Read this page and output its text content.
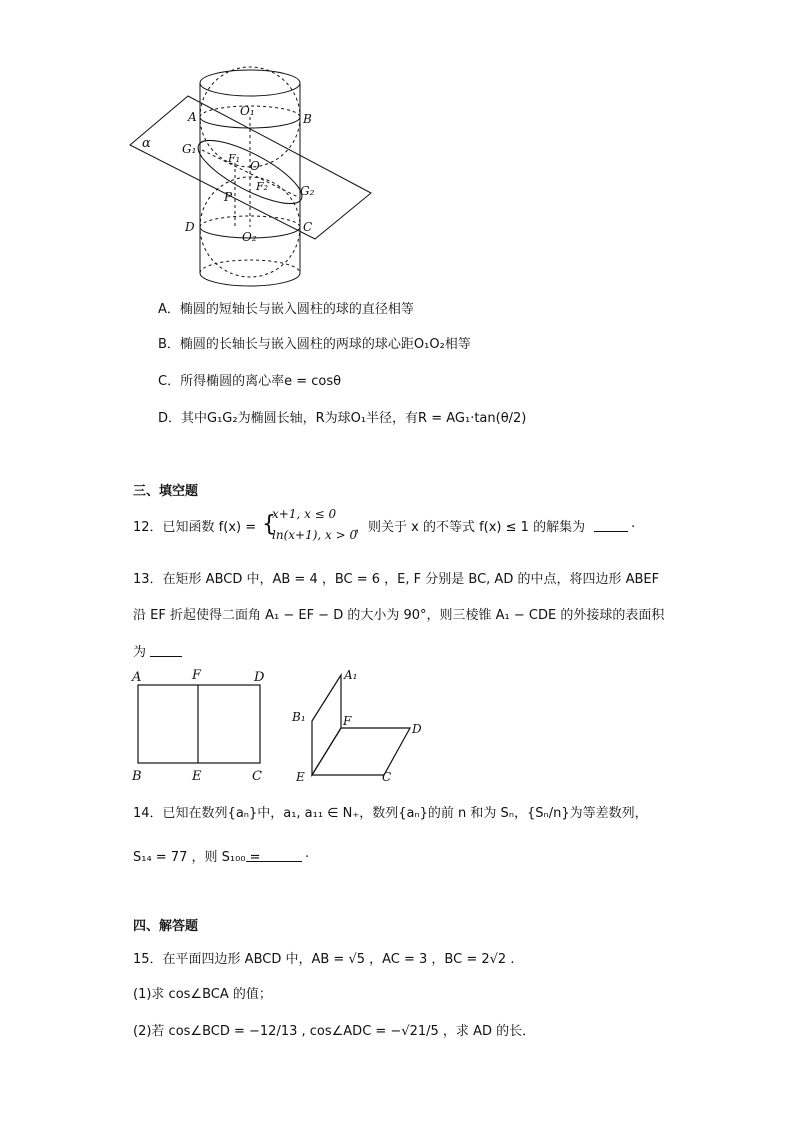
α
A	B
O₁
G₁
F₁
O
F₂
P	G₂
D	C
O₂
A．椭圆的短轴长与嵌入圆柱的球的直径相等
B．椭圆的长轴长与嵌入圆柱的两球的球心距O₁O₂相等
C．所得椭圆的离心率e = cosθ
D．其中G₁G₂为椭圆长轴，R为球O₁半径，有R = AG₁·tan(θ/2)
三、填空题
12．已知函数 f(x) = {
x+1, x ≤ 0
ln(x+1), x > 0
，则关于 x 的不等式 f(x) ≤ 1 的解集为	.
13．在矩形 ABCD 中，AB = 4 ，BC = 6 ，E, F 分别是 BC, AD 的中点，将四边形 ABEF
沿 EF 折起使得二面角 A₁ − EF − D 的大小为 90°，则三棱锥 A₁ − CDE 的外接球的表面积
为
A	F	D
B	E	C
A₁
B₁	F
D
E	C
14．已知在数列{aₙ}中，a₁, a₁₁ ∈ N₊，数列{aₙ}的前 n 和为 Sₙ，{Sₙ/n}为等差数列，
S₁₄ = 77 ，则 S₁₀₀ =	.
四、解答题
15．在平面四边形 ABCD 中，AB = √5 ，AC = 3 ，BC = 2√2 .
(1)求 cos∠BCA 的值；
(2)若 cos∠BCD = −12/13 , cos∠ADC = −√21/5 ，求 AD 的长．
